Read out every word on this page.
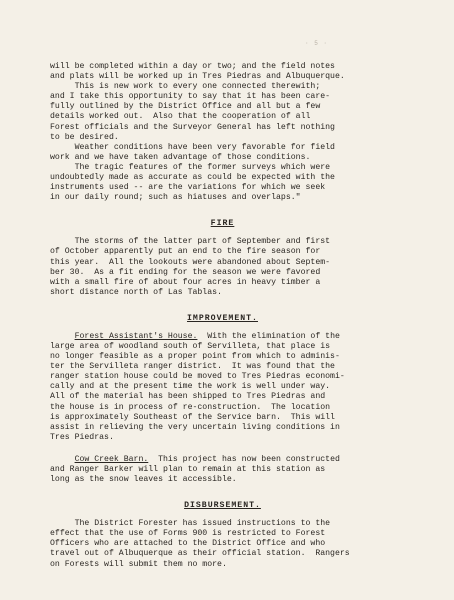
· 5 ·
will be completed within a day or two; and the field notes
and plats will be worked up in Tres Piedras and Albuquerque.
This is new work to every one connected therewith;
and I take this opportunity to say that it has been care-
fully outlined by the District Office and all but a few
details worked out.  Also that the cooperation of all
Forest officials and the Surveyor General has left nothing
to be desired.
Weather conditions have been very favorable for field
work and we have taken advantage of those conditions.
The tragic features of the former surveys which were
undoubtedly made as accurate as could be expected with the
instruments used -- are the variations for which we seek
in our daily round; such as hiatuses and overlaps."
FIRE
The storms of the latter part of September and first
of October apparently put an end to the fire season for
this year.  All the lookouts were abandoned about Septem-
ber 30.  As a fit ending for the season we were favored
with a small fire of about four acres in heavy timber a
short distance north of Las Tablas.
IMPROVEMENT.
Forest Assistant's House.  With the elimination of the
large area of woodland south of Servilleta, that place is
no longer feasible as a proper point from which to adminis-
ter the Servilleta ranger district.  It was found that the
ranger station house could be moved to Tres Piedras economi-
cally and at the present time the work is well under way.
All of the material has been shipped to Tres Piedras and
the house is in process of re-construction.  The location
is approximately Southeast of the Service barn.  This will
assist in relieving the very uncertain living conditions in
Tres Piedras.
Cow Creek Barn.  This project has now been constructed
and Ranger Barker will plan to remain at this station as
long as the snow leaves it accessible.
DISBURSEMENT.
The District Forester has issued instructions to the
effect that the use of Forms 900 is restricted to Forest
Officers who are attached to the District Office and who
travel out of Albuquerque as their official station.  Rangers
on Forests will submit them no more.
